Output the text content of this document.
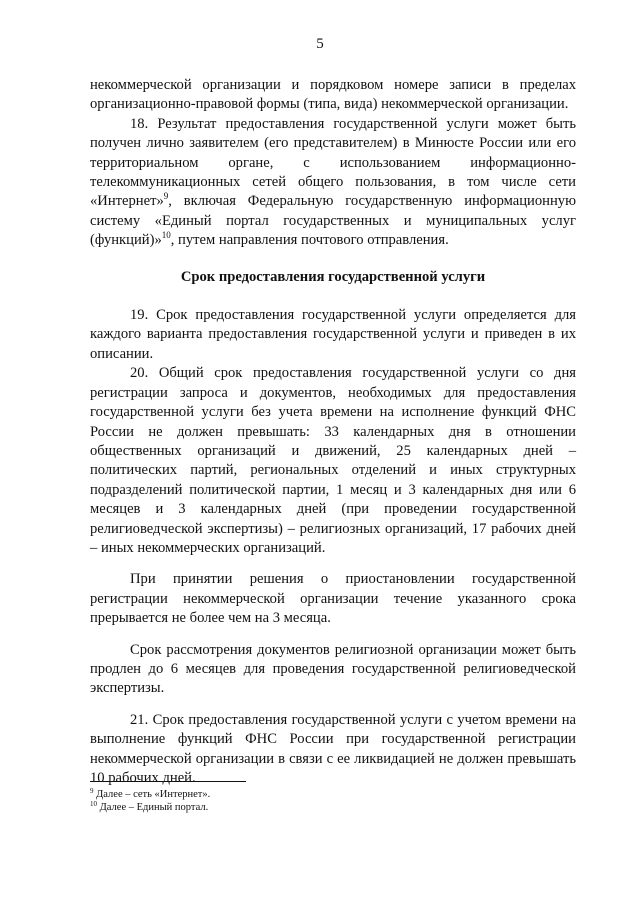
5

некоммерческой организации и порядковом номере записи в пределах организационно-правовой формы (типа, вида) некоммерческой организации.

18. Результат предоставления государственной услуги может быть получен лично заявителем (его представителем) в Минюсте России или его территориальном органе, с использованием информационно-телекоммуникационных сетей общего пользования, в том числе сети «Интернет»$^9$, включая Федеральную государственную информационную систему «Единый портал государственных и муниципальных услуг (функций)»$^{10}$, путем направления почтового отправления.

Срок предоставления государственной услуги

19. Срок предоставления государственной услуги определяется для каждого варианта предоставления государственной услуги и приведен в их описании.

20. Общий срок предоставления государственной услуги со дня регистрации запроса и документов, необходимых для предоставления государственной услуги без учета времени на исполнение функций ФНС России не должен превышать: 33 календарных дня в отношении общественных организаций и движений, 25 календарных дней – политических партий, региональных отделений и иных структурных подразделений политической партии, 1 месяц и 3 календарных дня или 6 месяцев и 3 календарных дней (при проведении государственной религиоведческой экспертизы) – религиозных организаций, 17 рабочих дней – иных некоммерческих организаций.

При принятии решения о приостановлении государственной регистрации некоммерческой организации течение указанного срока прерывается не более чем на 3 месяца.

Срок рассмотрения документов религиозной организации может быть продлен до 6 месяцев для проведения государственной религиоведческой экспертизы.

21. Срок предоставления государственной услуги с учетом времени на выполнение функций ФНС России при государственной регистрации некоммерческой организации в связи с ее ликвидацией не должен превышать 10 рабочих дней.

$^9$ Далее – сеть «Интернет».

$^{10}$ Далее – Единый портал.
